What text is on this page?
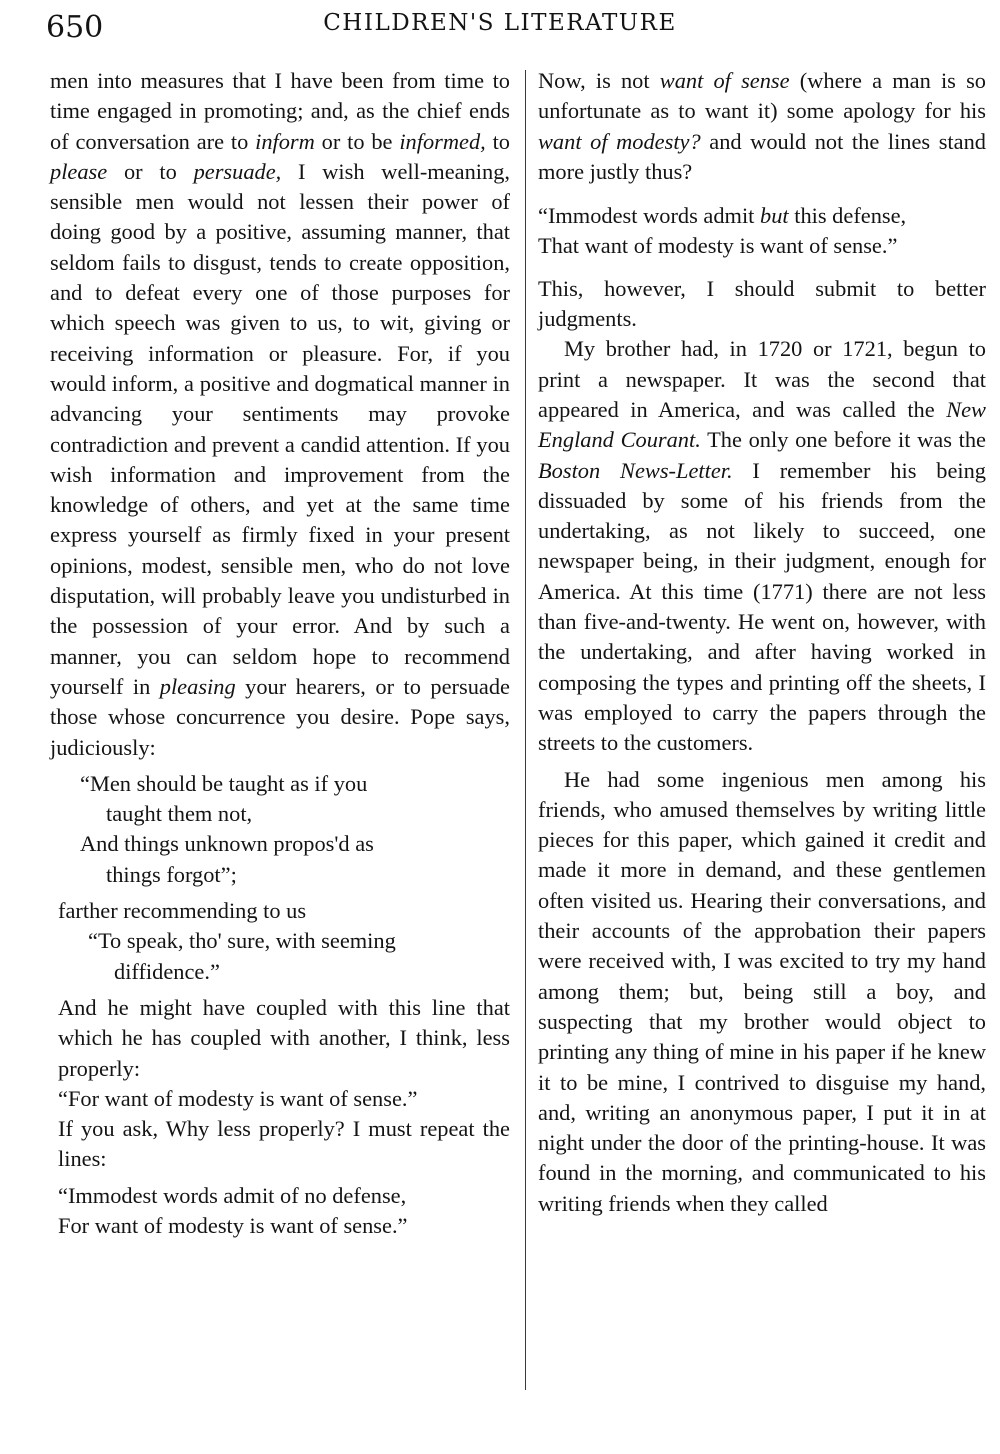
650	CHILDREN'S LITERATURE

men into measures that I have been from time to time engaged in promoting; and, as the chief ends of conversation are to inform or to be informed, to please or to persuade, I wish well-meaning, sensible men would not lessen their power of doing good by a positive, assuming manner, that seldom fails to disgust, tends to create opposition, and to defeat every one of those purposes for which speech was given to us, to wit, giving or receiving information or pleasure. For, if you would inform, a positive and dogmatical manner in advancing your sentiments may provoke contradiction and prevent a candid attention. If you wish information and improvement from the knowledge of others, and yet at the same time express yourself as firmly fixed in your present opinions, modest, sensible men, who do not love disputation, will probably leave you undisturbed in the possession of your error. And by such a manner, you can seldom hope to recommend yourself in pleasing your hearers, or to persuade those whose concurrence you desire. Pope says, judiciously:

“Men should be taught as if you
taught them not,
And things unknown propos'd as
things forgot”;

farther recommending to us

“To speak, tho' sure, with seeming
diffidence.”

And he might have coupled with this line that which he has coupled with another, I think, less properly:

“For want of modesty is want of sense.”

If you ask, Why less properly? I must repeat the lines:

“Immodest words admit of no defense,
For want of modesty is want of sense.”

Now, is not want of sense (where a man is so unfortunate as to want it) some apology for his want of modesty? and would not the lines stand more justly thus?

“Immodest words admit but this defense,
That want of modesty is want of sense.”

This, however, I should submit to better judgments.

My brother had, in 1720 or 1721, begun to print a newspaper. It was the second that appeared in America, and was called the New England Courant. The only one before it was the Boston News-Letter. I remember his being dissuaded by some of his friends from the undertaking, as not likely to succeed, one newspaper being, in their judgment, enough for America. At this time (1771) there are not less than five-and-twenty. He went on, however, with the undertaking, and after having worked in composing the types and printing off the sheets, I was employed to carry the papers through the streets to the customers.

He had some ingenious men among his friends, who amused themselves by writing little pieces for this paper, which gained it credit and made it more in demand, and these gentlemen often visited us. Hearing their conversations, and their accounts of the approbation their papers were received with, I was excited to try my hand among them; but, being still a boy, and suspecting that my brother would object to printing any thing of mine in his paper if he knew it to be mine, I contrived to disguise my hand, and, writing an anonymous paper, I put it in at night under the door of the printing-house. It was found in the morning, and communicated to his writing friends when they called
